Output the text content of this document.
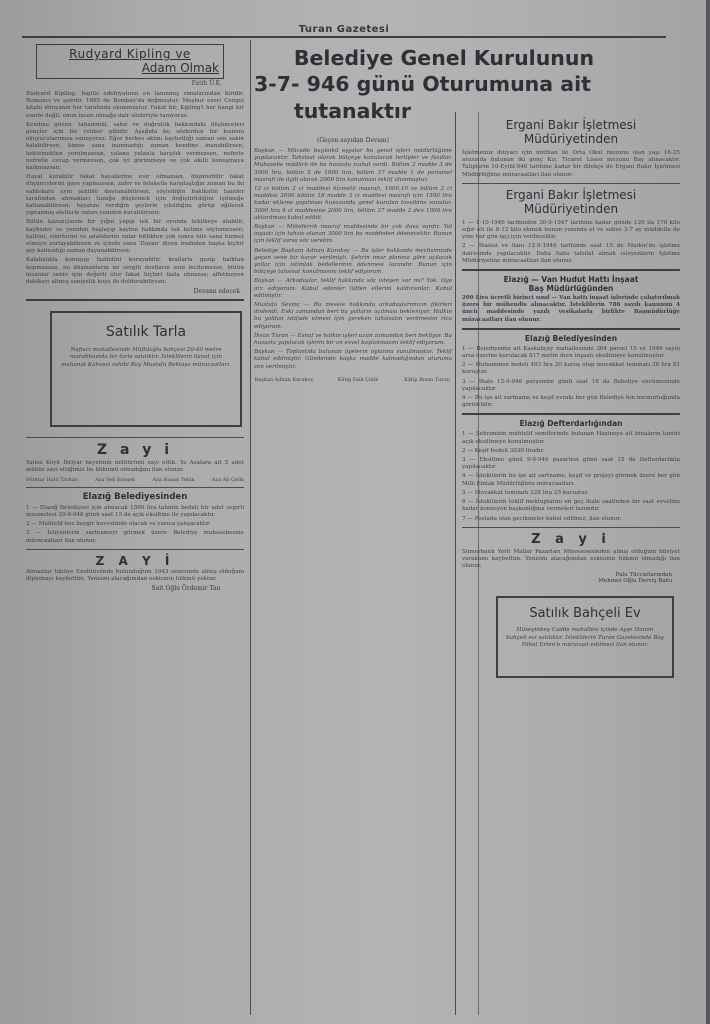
Turan Gazetesi
Rudyard Kipling ve
Adam Olmak
Fatih Ü.K.

Rudyard Kipling, İngiliz edebiyatının en tanınmış simalarından biridir. Romancı ve şairdir. 1865 de Bombay'da doğmuştur. Meşhur eseri Cengel kitabı dünyanın her tarafında okunmuştur. Fakat bir, Kipling'i her hangi bir eserle değil, onun insan olmağa dair sözleriyle tanıyoruz.

Kendine güven, tahammül, sabır ve doğruluk hakkındaki düşünceleri gençler için bir rehber gibidir. Aşağıda bu sözlerden bir kısmını okuyucularımıza sunuyoruz. Eğer herkes aklını kaybettiği zaman sen sakin kalabilirsen, kimse sana inanmadığı zaman kendine inanabilirsen, beklemekten yorulmazsan, yalana yalanla karşılık vermezsen, nefrete nefretle cevap vermezsen, çok iyi görünmeye ve çok akıllı konuşmaya kalkmazsan;

Hayal kurabilir fakat hayallerine esir olmazsan, düşünebilir fakat düşüncelerini gaye yapmazsan, zafer ve felaketle karşılaştığın zaman bu iki sahtekara aynı şekilde davranabilirsen, söylediğin hakikatin hainler tarafından ahmakları tuzağa düşürmek için değiştirildiğini işitmeğe katlanabilirsen; hayatını verdiğin şeylerin yıkıldığını görüp eğilerek yıpranmış aletlerle onları yeniden kurabilirsen;

Bütün kazançlarını bir yığın yapıp tek bir oyunda tehlikeye atabilir, kaybeder ve yeniden başlayıp kaybın hakkında tek kelime söylemezsen; kalbini, sinirlerini ve adalelerini onlar bittikten çok sonra bile sana hizmet etmeye zorlayabilirsen ve içinde sana 'Dayan' diyen iradeden başka hiçbir şey kalmadığı zaman dayanabilirsen;

Kalabalıkla konuşup faziletini koruyabilir, krallarla gezip halktan kopmazsan, ne düşmanların ne sevgili dostların seni incitemezse, bütün insanlar senin için değerli olur fakat hiçbiri fazla olmazsa; affetmeyen dakikayı altmış saniyelik koşu ile doldurabilirsen;

Devamı edecek
Satılık Tarla

Nafıacı mahallesinde Müftüoğlu bahçesi 20-40 metre murabbaında bir tarla satılıktır. İsteklilerin ilanat için malumat Kahvesi sahibi Bay Mustafa Bektaşa müracaatları.

Z a y i

Yalnız Köyü İhtiyar heyetinin mühürünü zayi ettik. Ye Azalara ait 5 adet mühür zayi ettiğimiz bu hükümü olmadığını ilan olunur.

Muhtar Halil Tarhan	Aza Veli Şimşek	Aza Hasan Tekin	Aza Ali Çelik
Elazığ Belediyesinden

1 — Elazığ Belediyesi için ahnacak 1500 lira tahmin bedeli bir adet segirli muamelesi 20-9-946 günü saat 15 de açık eksiltme ile yapılacaktır.

2 — Muhtelif bez beygir kuvvetinde olacak ve yazıca çalışacaktır.

3 — İstiyenlerin sartnameyi görmek üzere Belediye muhasebesine müracaatları ilan olunur.

Z A Y İ

Almanlar tabiiye Enstitüsünde bulunduğum 1943 senesinde almış olduğum diplomayı kaybettim. Yenisini alacağımdan eskisinin hükmü yoktur.

Sait Oğlu Ördemir Tan
Belediye Genel Kurulunun
3-7- 946 günü Oturumuna ait
tutanaktır
(Geçen sayıdan Devam)

Başkan — Mücade bugünkü eşyalar bu genel işleri müdürlüğüne yapılacaktır. Tahsisat olarak bütçeye konulacak tertipler ve fasıllar. Muhasebe müdürü de bu hususta izahat verdi. Bölüm 2 madde 3 de 3000 lira, bölüm 5 de 1000 lira, bölüm 37 madde 1 de personel masrafı ile ilgili olarak 2000 lira konulması teklif olunmuştur.

12 ci bölüm 2 ci maddesi hizmetli masrafı, 1000,10 ve bölüm 2 ci maddesi 2000 bölüm 18 madde 3 ci maddesi masrafı için 1500 lira kadar ekleme yapılması hususunda genel kurulun tasvibine sunulur. 3000 lira 4 ci maddesine 2000 lira, bölüm 37 madde 2 den 1000 lira aktarılması kabul edildi.

Başkan — Müteferrik masraf maddesinde bir çok dava vardır. Yol inşaatı için tahsis olunan 3000 lira bu maddeden ödenecektir. Bunun için teklif varsa söz verelim.

Belediye Başkanı Adnan Karakoç — Bu işler hakkında meclisimizde geçen sene bir karar verilmişti. Şehrin imar planına göre açılacak yollar için istimlak bedellerinin ödenmesi lazımdır. Bunun için bütçeye tahsisat konulmasını teklif ediyorum.

Başkan — Arkadaşlar, teklif hakkında söz isteyen var mı? Yok. Oya arz ediyorum. Kabul edenler lütfen ellerini kaldırsınlar. Kabul edilmiştir.

Mustafa Sevinç — Bu mesele hakkında arkadaşlarımızın fikirleri dinlendi. Eski zamandan beri bu yolların açılması bekleniyor. Halkın bu yoldan istifade etmesi için gereken tahsisatın verilmesini rica ediyorum.

İhsan Turan — Esnaf ve halkın işleri uzun zamandan beri bekliyor. Bu hususta yapılacak işlerin bir an evvel başlanmasını teklif ediyorum.

Başkan — Toplantıda bulunan üyelerin oylarına sunulmuştur. Teklif kabul edilmiştir. Gündemde başka madde kalmadığından oturuma son verilmiştir.

Başkan Adnan Karakoç	Kâtip Faik Çelik	Kâtip Ihsan Turan
Ergani Bakır İşletmesi
Müdüriyetinden

İşletmemiz ihtiyacı için imtihan ile Orta Okul mezunu olan yaşı 16-25 arasında bulunan iki genç Kız, Ticaret Lisesi mezunu Bay alınacaktır. Taliplerin 10-Eylül-946 tarihine kadar bir dilekçe ile Ergani Bakır İşletmesi Müdürlüğüne müracaatları ilan olunur.

Ergani Bakır İşletmesi
Müdüriyetinden

1 — 1-10-1946 tarihinden 30-9-1947 tarihine kadar günde 120 ila 170 kilo sığır eti ile 8-12 kilo ekmek bunun yanında et ve sebze 3-7 ay müddetle de yine her gün işçi için verilecektir.

2 — İhalesi ve ilanı 12-9-1946 tarihinde saat 15 de Maden'de işletme dairesinde yapılacaktır. Daha fazla tafsilat almak isteyenlerin İşletme Müdüriyetine müracaatları ilan olunur.

Elazığ — Van Hudut Hattı İnşaat
Baş Müdürlüğünden

200 Lira ücretli birinci sınıf — Van hattı inşaat işlerinde çalıştırılmak üzere bir mühendis alınacaktır. İsteklilerin 786 sayılı kanunun 4 üncü maddesinde yazılı vesikalarla birlikte Başmüdürlüğe müracaatları ilan olunur.

Elazığ Belediyesinden

1 — Belediyemiz ait Kaskalıçay mahallesinde 364 parsel 15 ve 1946 sayılı arsa üzerine kurulacak 817 metre dere inşaatı eksiltmeye konulmuştur.

2 — Muhammen bedeli 493 lira 20 kuruş olup muvakkat teminatı 36 lira 81 kuruştur.

3 — İhale 12-9-946 perşembe günü saat 16 da Belediye encümeninde yapılacaktır.

4 — Bu işe ait sartname ve keşif evrakı her gün Belediye fen memurluğunda görülebilir.

Elazığ Defterdarlığından

1 — Şehrimizin muhtelif semtlerinde bulunan Hazineye ait binaların tamiri açık eksiltmeye konulmuştur.

2 — Keşif bedeli 3030 liradır.

3 — Eksiltme günü 9-9-946 pazartesi günü saat 15 de Defterdarlıkta yapılacaktır.

4 — İsteklilerin bu işe ait sartname, keşif ve projeyi görmek üzere her gün Milli Emlak Müdürlüğüne müracaatları.

5 — Muvakkat teminatı 228 lira 25 kuruştur.

6 — İsteklilerin teklif mektuplarını en geç ihale saatinden bir saat evveline kadar komisyon başkanlığına vermeleri lazımdır.

7 — Postada olan gecikmeler kabul edilmez, ilan olunur.

Z a y i

Sümerbank Yerli Mallar Pazarları Müessesesinden almış olduğum hüviyet varakamı kaybettim. Yenisini alacağımdan eskisinin hükmü olmadığı ilan olunur.

Palu Tüccarlarından
Mehmet Oğlu Derviş Balcı
Satılık Bahçeli Ev

Hüseyinbey Cadde mahallesi içinde Ayşe Hanım bahçeli evi satılıktır. İsteklilerin Turan Gazetesinde Bay Nihat Erten'e müracaat edilmesi ilan olunur.
